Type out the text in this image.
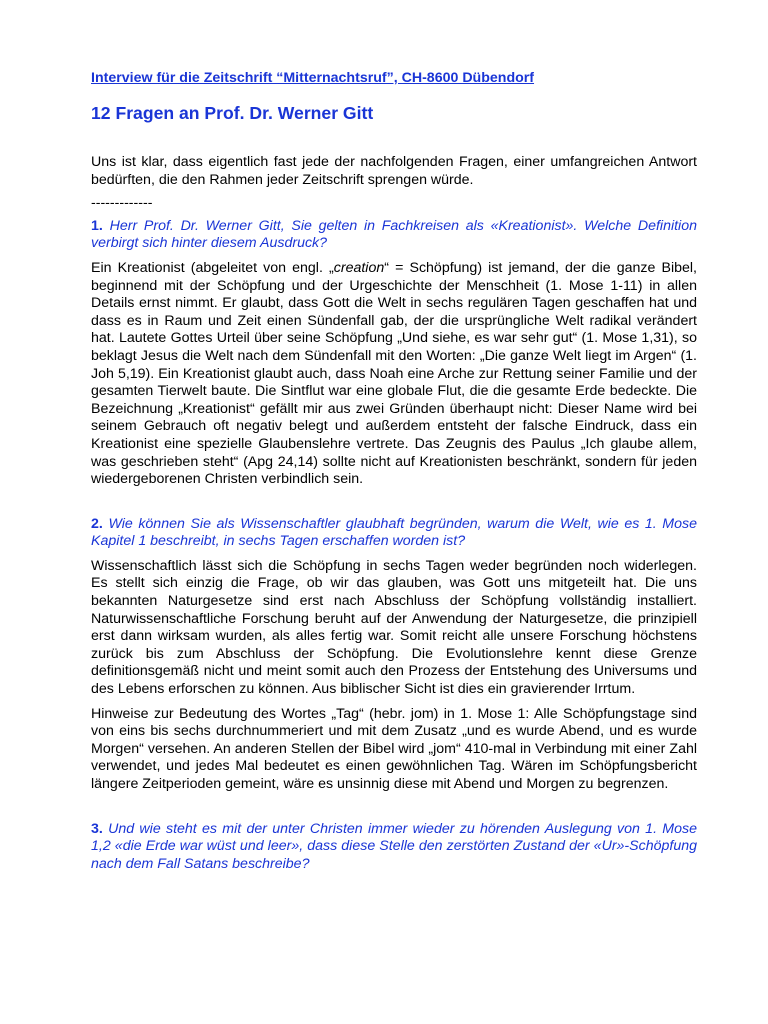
Interview für die Zeitschrift “Mitternachtsruf”, CH-8600 Dübendorf

12 Fragen an Prof. Dr. Werner Gitt

Uns ist klar, dass eigentlich fast jede der nachfolgenden Fragen, einer umfangreichen Antwort bedürften, die den Rahmen jeder Zeitschrift sprengen würde.

-------------

1. Herr Prof. Dr. Werner Gitt, Sie gelten in Fachkreisen als «Kreationist». Welche Definition verbirgt sich hinter diesem Ausdruck?

Ein Kreationist (abgeleitet von engl. „creation“ = Schöpfung) ist jemand, der die ganze Bibel, beginnend mit der Schöpfung und der Urgeschichte der Menschheit (1. Mose 1-11) in allen Details ernst nimmt. Er glaubt, dass Gott die Welt in sechs regulären Tagen geschaffen hat und dass es in Raum und Zeit einen Sündenfall gab, der die ursprüngliche Welt radikal verändert hat. Lautete Gottes Urteil über seine Schöpfung „Und siehe, es war sehr gut“ (1. Mose 1,31), so beklagt Jesus die Welt nach dem Sündenfall mit den Worten: „Die ganze Welt liegt im Argen“ (1. Joh 5,19). Ein Kreationist glaubt auch, dass Noah eine Arche zur Rettung seiner Familie und der gesamten Tierwelt baute. Die Sintflut war eine globale Flut, die die gesamte Erde bedeckte. Die Bezeichnung „Kreationist“ gefällt mir aus zwei Gründen überhaupt nicht: Dieser Name wird bei seinem Gebrauch oft negativ belegt und außerdem entsteht der falsche Eindruck, dass ein Kreationist eine spezielle Glaubenslehre vertrete. Das Zeugnis des Paulus „Ich glaube allem, was geschrieben steht“ (Apg 24,14) sollte nicht auf Kreationisten beschränkt, sondern für jeden wiedergeborenen Christen verbindlich sein.

2. Wie können Sie als Wissenschaftler glaubhaft begründen, warum die Welt, wie es 1. Mose Kapitel 1 beschreibt, in sechs Tagen erschaffen worden ist?

Wissenschaftlich lässt sich die Schöpfung in sechs Tagen weder begründen noch widerlegen. Es stellt sich einzig die Frage, ob wir das glauben, was Gott uns mitgeteilt hat. Die uns bekannten Naturgesetze sind erst nach Abschluss der Schöpfung vollständig installiert. Naturwissenschaftliche Forschung beruht auf der Anwendung der Naturgesetze, die prinzipiell erst dann wirksam wurden, als alles fertig war. Somit reicht alle unsere Forschung höchstens zurück bis zum Abschluss der Schöpfung. Die Evolutionslehre kennt diese Grenze definitionsgemäß nicht und meint somit auch den Prozess der Entstehung des Universums und des Lebens erforschen zu können. Aus biblischer Sicht ist dies ein gravierender Irrtum.

Hinweise zur Bedeutung des Wortes „Tag“ (hebr. jom) in 1. Mose 1: Alle Schöpfungstage sind von eins bis sechs durchnummeriert und mit dem Zusatz „und es wurde Abend, und es wurde Morgen“ versehen. An anderen Stellen der Bibel wird „jom“ 410-mal in Verbindung mit einer Zahl verwendet, und jedes Mal bedeutet es einen gewöhnlichen Tag. Wären im Schöpfungsbericht längere Zeitperioden gemeint, wäre es unsinnig diese mit Abend und Morgen zu begrenzen.

3. Und wie steht es mit der unter Christen immer wieder zu hörenden Auslegung von 1. Mose 1,2 «die Erde war wüst und leer», dass diese Stelle den zerstörten Zustand der «Ur»-Schöpfung nach dem Fall Satans beschreibe?
